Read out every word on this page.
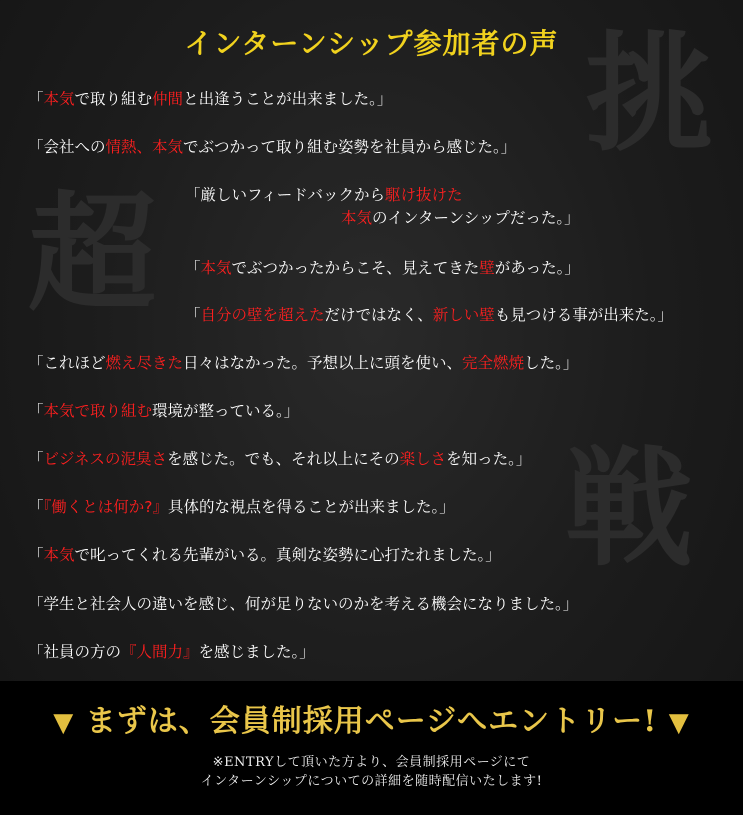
挑
超
戦
インターンシップ参加者の声
「本気で取り組む仲間と出逢うことが出来ました。」
「会社への情熱、本気でぶつかって取り組む姿勢を社員から感じた。」
「厳しいフィードバックから駆け抜けた
本気のインターンシップだった。」
「本気でぶつかったからこそ、見えてきた壁があった。」
「自分の壁を超えただけではなく、新しい壁も見つける事が出来た。」
「これほど燃え尽きた日々はなかった。予想以上に頭を使い、完全燃焼した。」
「本気で取り組む環境が整っている。」
「ビジネスの泥臭さを感じた。でも、それ以上にその楽しさを知った。」
「『働くとは何か?』具体的な視点を得ることが出来ました。」
「本気で叱ってくれる先輩がいる。真剣な姿勢に心打たれました。」
「学生と社会人の違いを感じ、何が足りないのかを考える機会になりました。」
「社員の方の『人間力』を感じました。」
▼ まずは、会員制採用ページへエントリー! ▼
※ENTRYして頂いた方より、会員制採用ページにて
インターンシップについての詳細を随時配信いたします!
